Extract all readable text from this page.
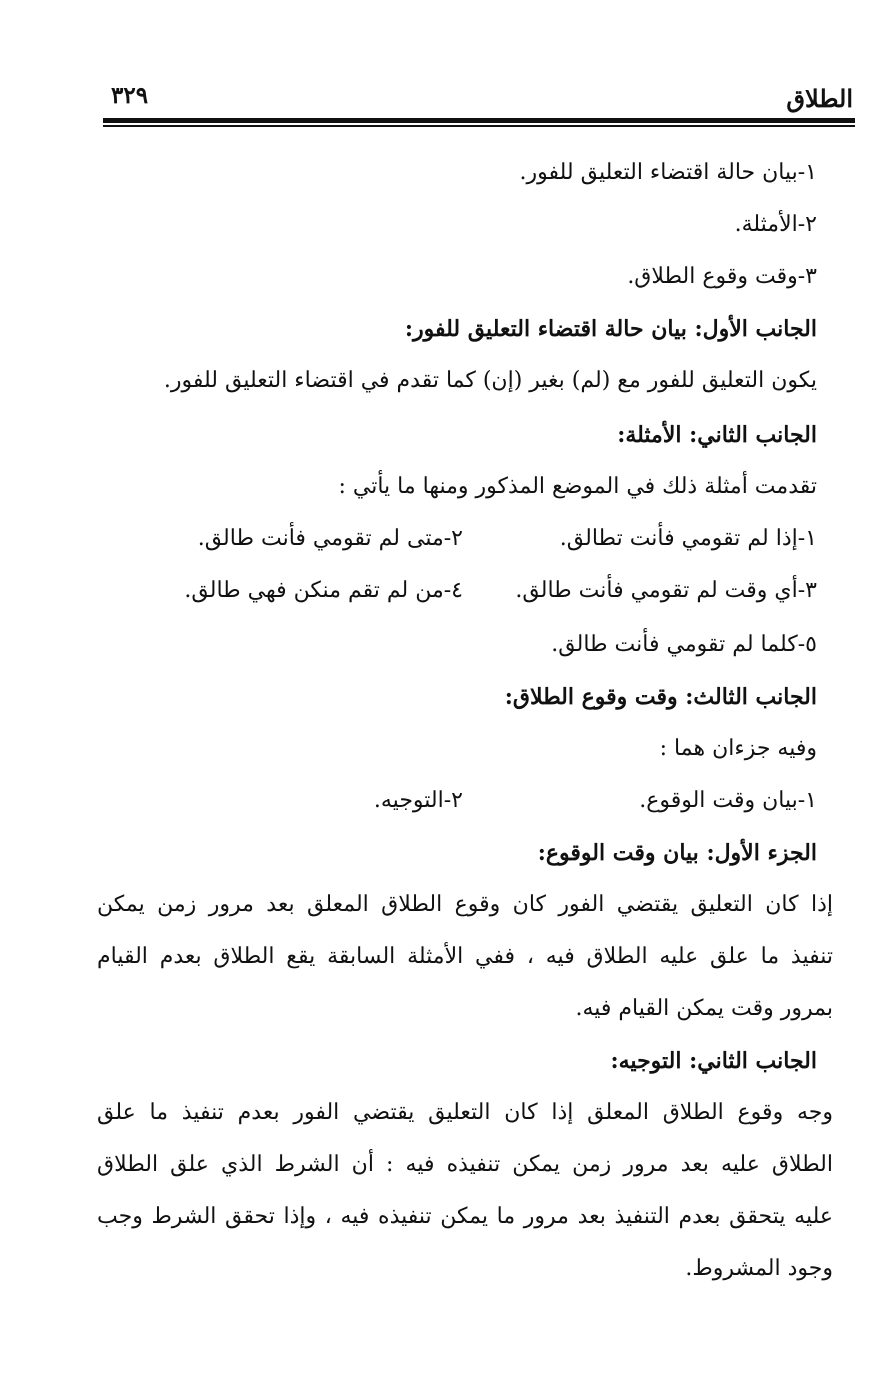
الطلاق
٣٢٩
١-بيان حالة اقتضاء التعليق للفور.
٢-الأمثلة.
٣-وقت وقوع الطلاق.
الجانب الأول: بيان حالة اقتضاء التعليق للفور:
يكون التعليق للفور مع (لم) بغير (إن) كما تقدم في اقتضاء التعليق للفور.
الجانب الثاني: الأمثلة:
تقدمت أمثلة ذلك في الموضع المذكور ومنها ما يأتي :
١-إذا لم تقومي فأنت تطالق.
٢-متى لم تقومي فأنت طالق.
٣-أي وقت لم تقومي فأنت طالق.
٤-من لم تقم منكن فهي طالق.
٥-كلما لم تقومي فأنت طالق.
الجانب الثالث: وقت وقوع الطلاق:
وفيه جزءان هما :
١-بيان وقت الوقوع.
٢-التوجيه.
الجزء الأول: بيان وقت الوقوع:
إذا كان التعليق يقتضي الفور كان وقوع الطلاق المعلق بعد مرور زمن يمكن
تنفيذ ما علق عليه الطلاق فيه ، ففي الأمثلة السابقة يقع الطلاق بعدم القيام
بمرور وقت يمكن القيام فيه.
الجانب الثاني: التوجيه:
وجه وقوع الطلاق المعلق إذا كان التعليق يقتضي الفور بعدم تنفيذ ما علق
الطلاق عليه بعد مرور زمن يمكن تنفيذه فيه : أن الشرط الذي علق الطلاق
عليه يتحقق بعدم التنفيذ بعد مرور ما يمكن تنفيذه فيه ، وإذا تحقق الشرط وجب
وجود المشروط.
